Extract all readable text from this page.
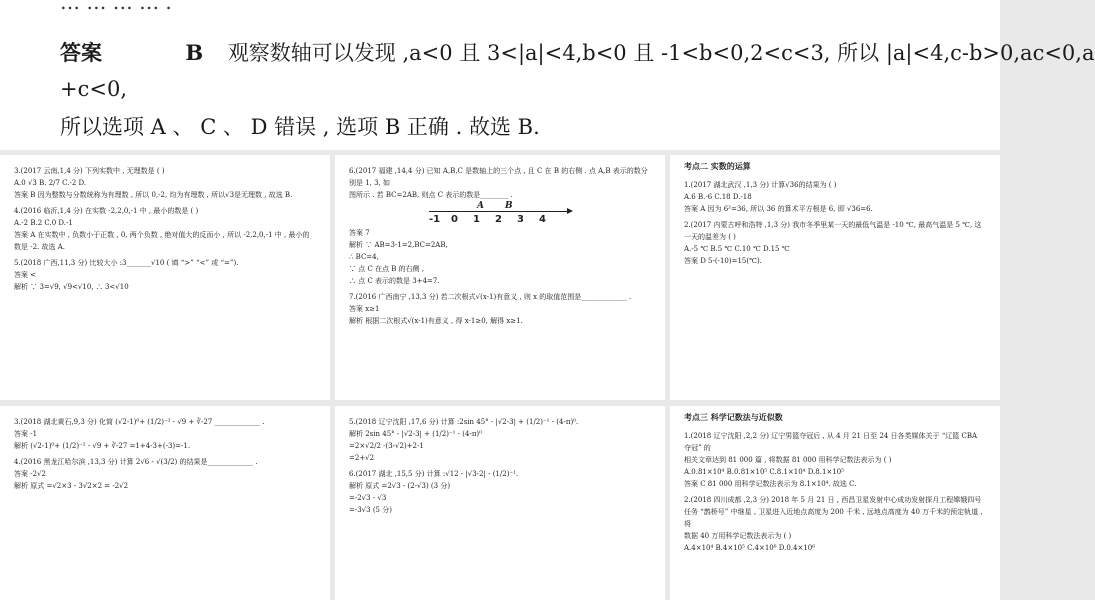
… … … … .
答案	B 观察数轴可以发现 ,a<0 且 3<|a|<4,b<0 且 -1<b<0,2<c<3, 所以 |a|<4,c-b>0,ac<0,a
+c<0,
所以选项 A 、 C 、 D 错误 , 选项 B 正确 . 故选 B.
3.(2017 云南,1,4 分) 下列实数中 , 无理数是 ( )
A.0 √3 B. 2/7 C.-2 D.
答案 B 因为整数与分数统称为有理数 , 所以 0,-2, 均为有理数 , 所以√3是无理数 , 故选 B.
4.(2016 临沂,1,4 分) 在实数 -2,2,0,-1 中 , 最小的数是 ( )
A.-2 B.2 C.0 D.-1
答案 A 在实数中 , 负数小于正数 , 0, 两个负数 , 绝对值大的反而小 , 所以 -2,2,0,-1 中 , 最小的数是 -2. 故选 A.
5.(2018 广西,11,3 分) 比较大小 :3_______√10 ( 填 “>” “<” 或 “=”).
答案 <
解析 ∵ 3=√9, √9<√10, ∴ 3<√10
6.(2017 福建 ,14,4 分) 已知 A,B,C 是数轴上的三个点 , 且 C 在 B 的右侧 . 点 A,B 表示的数分别是 1, 3, 如
图所示 . 若 BC=2AB, 则点 C 表示的数是________ .
-1 0 1 2 3 4
A B
答案 7
解析 ∵ AB=3-1=2,BC=2AB,
∴ BC=4,
∵ 点 C 在点 B 的右侧 ,
∴ 点 C 表示的数是 3+4=7.
7.(2016 广西南宁 ,13,3 分) 若二次根式√(x-1)有意义 , 则 x 的取值范围是_____________ .
答案 x≥1
解析 根据二次根式√(x-1)有意义 , 得 x-1≥0, 解得 x≥1.
考点二 实数的运算
1.(2017 湖北武汉 ,1,3 分) 计算√36的结果为 ( )
A.6 B.-6 C.18 D.-18
答案 A 因为 6²=36, 所以 36 的算术平方根是 6, 即 √36=6.
2.(2017 内蒙古呼和浩特 ,1,3 分) 我市冬季里某一天的最低气温是 -10 ℃, 最高气温是 5 ℃, 这一天的温差为 ( )
A.-5 ℃ B.5 ℃ C.10 ℃ D.15 ℃
答案 D 5-(-10)=15(℃).
3.(2018 湖北黄石,9,3 分) 化简 (√2-1)⁰+ (1/2)⁻² - √9 + ∛-27 _____________ .
答案 -1
解析 (√2-1)⁰+ (1/2)⁻² - √9 + ∛-27 =1+4-3+(-3)=-1.
4.(2016 黑龙江哈尔滨 ,13,3 分) 计算 2√6 - √(3/2) 的结果是_____________ .
答案 -2√2
解析 原式 =√2×3 - 3√2×2 = -2√2
5.(2018 辽宁沈阳 ,17,6 分) 计算 :2sin 45° - |√2-3| + (1/2)⁻¹ - (4-π)⁰.
解析 2sin 45° - |√2-3| + (1/2)⁻¹ - (4-π)⁰
=2×√2/2 -(3-√2)+2-1
=2+√2
6.(2017 湖北 ,15,5 分) 计算 :√12 - |√3-2| - (1/2)⁻¹.
解析 原式 =2√3 - (2-√3) (3 分)
=-2√3 - √3
=-3√3 (5 分)
考点三 科学记数法与近似数
1.(2018 辽宁沈阳 ,2,2 分) 辽宁男篮夺冠后 , 从 4 月 21 日至 24 日各类媒体关于 “辽篮 CBA 夺冠” 的
相关文章达到 81 000 篇 , 将数据 81 000 用科学记数法表示为 ( )
A.0.81×10⁴ B.0.81×10⁵ C.8.1×10⁴ D.8.1×10⁵
答案 C 81 000 用科学记数法表示为 8.1×10⁴. 故选 C.
2.(2018 四川成都 ,2,3 分) 2018 年 5 月 21 日 , 西昌卫星发射中心成功发射探月工程嫦娥四号任务 “鹊桥号” 中继星 , 卫星进入近地点高度为 200 千米 , 远地点高度为 40 万千米的预定轨道 , 将
数据 40 万用科学记数法表示为 ( )
A.4×10⁴ B.4×10⁵ C.4×10⁶ D.0.4×10⁶
